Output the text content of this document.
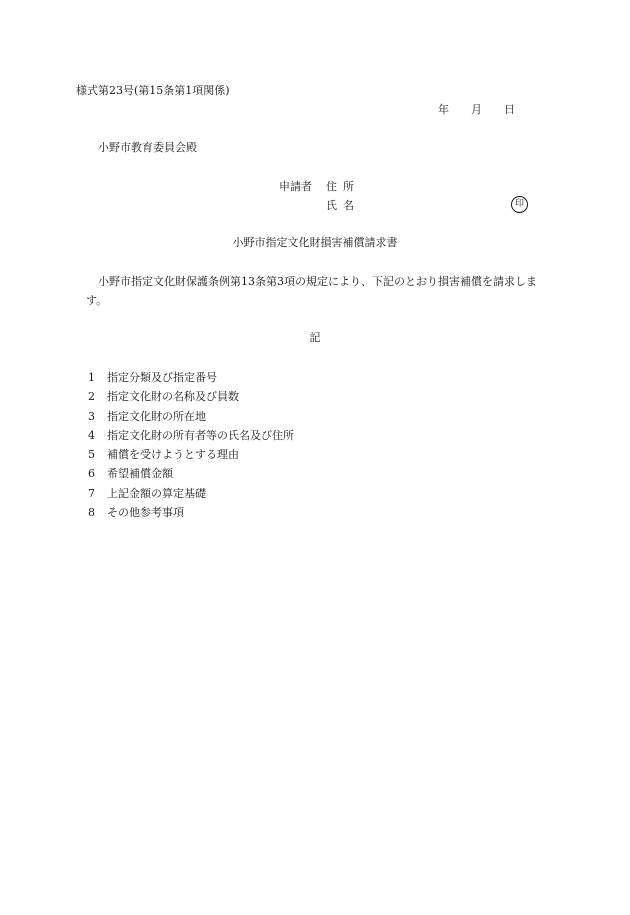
様式第23号(第15条第1項関係)
年 月 日
小野市教育委員会殿
申請者 住所
氏名	印
小野市指定文化財損害補償請求書
小野市指定文化財保護条例第13条第3項の規定により、下記のとおり損害補償を請求します。
記
1 指定分類及び指定番号
2 指定文化財の名称及び員数
3 指定文化財の所在地
4 指定文化財の所有者等の氏名及び住所
5 補償を受けようとする理由
6 希望補償金額
7 上記金額の算定基礎
8 その他参考事項
